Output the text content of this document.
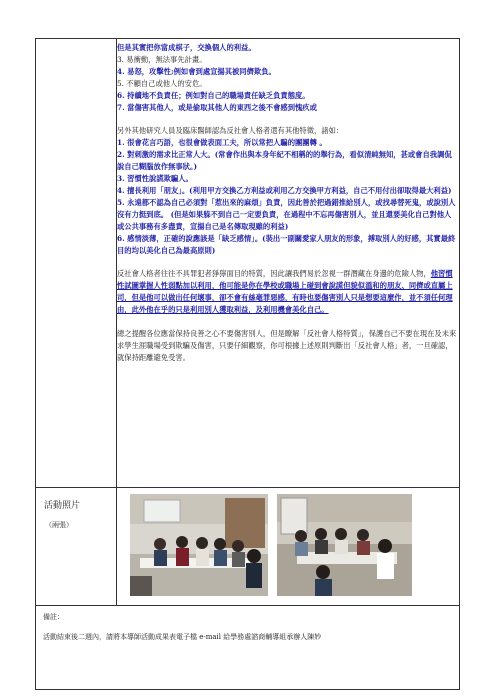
但是其實把你當成棋子，交換個人的利益。

3. 易衝動，無法事先計畫。

4. 易怒，攻擊性;例如會到處宣揚其被同儕欺負。

5. 不顧自己或他人的安危。

6. 持續地不負責任；例如對自己的職場責任缺乏負責態度。

7. 當傷害其他人，或是偷取其他人的東西之後不會感到愧疚或

另外其他研究人員及臨床醫師認為反社會人格者還有其他特徵，諸如：

1. 很會花言巧語，也很會做表面工夫，所以常把人騙的團團轉 。

2. 對刺激的需求比正常人大。(常會作出與本身年紀不相稱的的舉行為，看似清純無知，甚或會自我調侃說自己糊腦放作無事狀。)

3. 習慣性說謊欺騙人。

4. 擅長利用「朋友」。(利用甲方交換乙方利益或利用乙方交換甲方利益，自己不用付出卻取得最大利益)

5. 永遠都不認為自己必須對「惹出來的麻煩」負責，因此善於把過錯推給別人，或找尋替死鬼，或說別人沒有力挺到底。 (但是如果躲不到自己一定要負責，在過程中不忘再傷害別人，並且還要美化自己對他人或公共事務有多盡責，宣揚自己是名傳取現雖的利益)

6. 感情淡薄，正確的說應該是「缺乏感情」。(裝出一副關愛家人朋友的形象，搏取別人的好感，其實最終目的均以美化自己為最高原則)

反社會人格者往往不具罪犯者猙獰面目的特質，因此讓我們易於忽視一群潛藏在身邊的危險人物，他習慣性試圖掌握人性弱點加以利用，他可能是你在學校或職場上碰到會說謊但貌似溫和的朋友、同儕或直屬上司，但是他可以做出任何壞事，卻不會有絲毫罪惡感，有時也要傷害別人只是想要這麼作，並不須任何理由，此外他在乎的只是利用別人獲取利益，及利用機會美化自己。

總之提醒各位應當保持良善之心不要傷害別人，但是瞭解「反社會人格特質」，保護自己不要在現在及未來求學生涯職場受到欺騙及傷害，只要仔細觀察，你可根據上述原則判斷出「反社會人格」者，一旦確認，就保持距離避免受害。

活動照片
（兩張）
備註：
活動結束後二週內，請將本導師活動成果表電子檔 e-mail 給學務處諮商輔導組承辦人陳妙
